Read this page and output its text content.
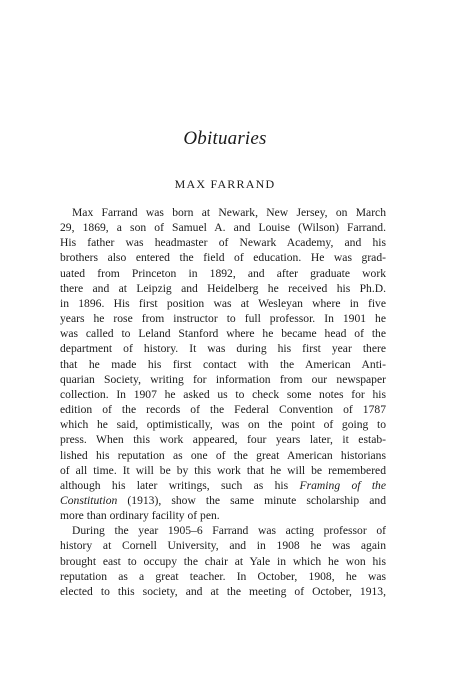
Obituaries
MAX FARRAND
Max Farrand was born at Newark, New Jersey, on March
29, 1869, a son of Samuel A. and Louise (Wilson) Farrand.
His father was headmaster of Newark Academy, and his
brothers also entered the field of education. He was grad-
uated from Princeton in 1892, and after graduate work
there and at Leipzig and Heidelberg he received his Ph.D.
in 1896. His first position was at Wesleyan where in five
years he rose from instructor to full professor. In 1901 he
was called to Leland Stanford where he became head of the
department of history. It was during his first year there
that he made his first contact with the American Anti-
quarian Society, writing for information from our newspaper
collection. In 1907 he asked us to check some notes for his
edition of the records of the Federal Convention of 1787
which he said, optimistically, was on the point of going to
press. When this work appeared, four years later, it estab-
lished his reputation as one of the great American historians
of all time. It will be by this work that he will be remembered
although his later writings, such as his Framing of the
Constitution (1913), show the same minute scholarship and
more than ordinary facility of pen.
During the year 1905–6 Farrand was acting professor of
history at Cornell University, and in 1908 he was again
brought east to occupy the chair at Yale in which he won his
reputation as a great teacher. In October, 1908, he was
elected to this society, and at the meeting of October, 1913,
